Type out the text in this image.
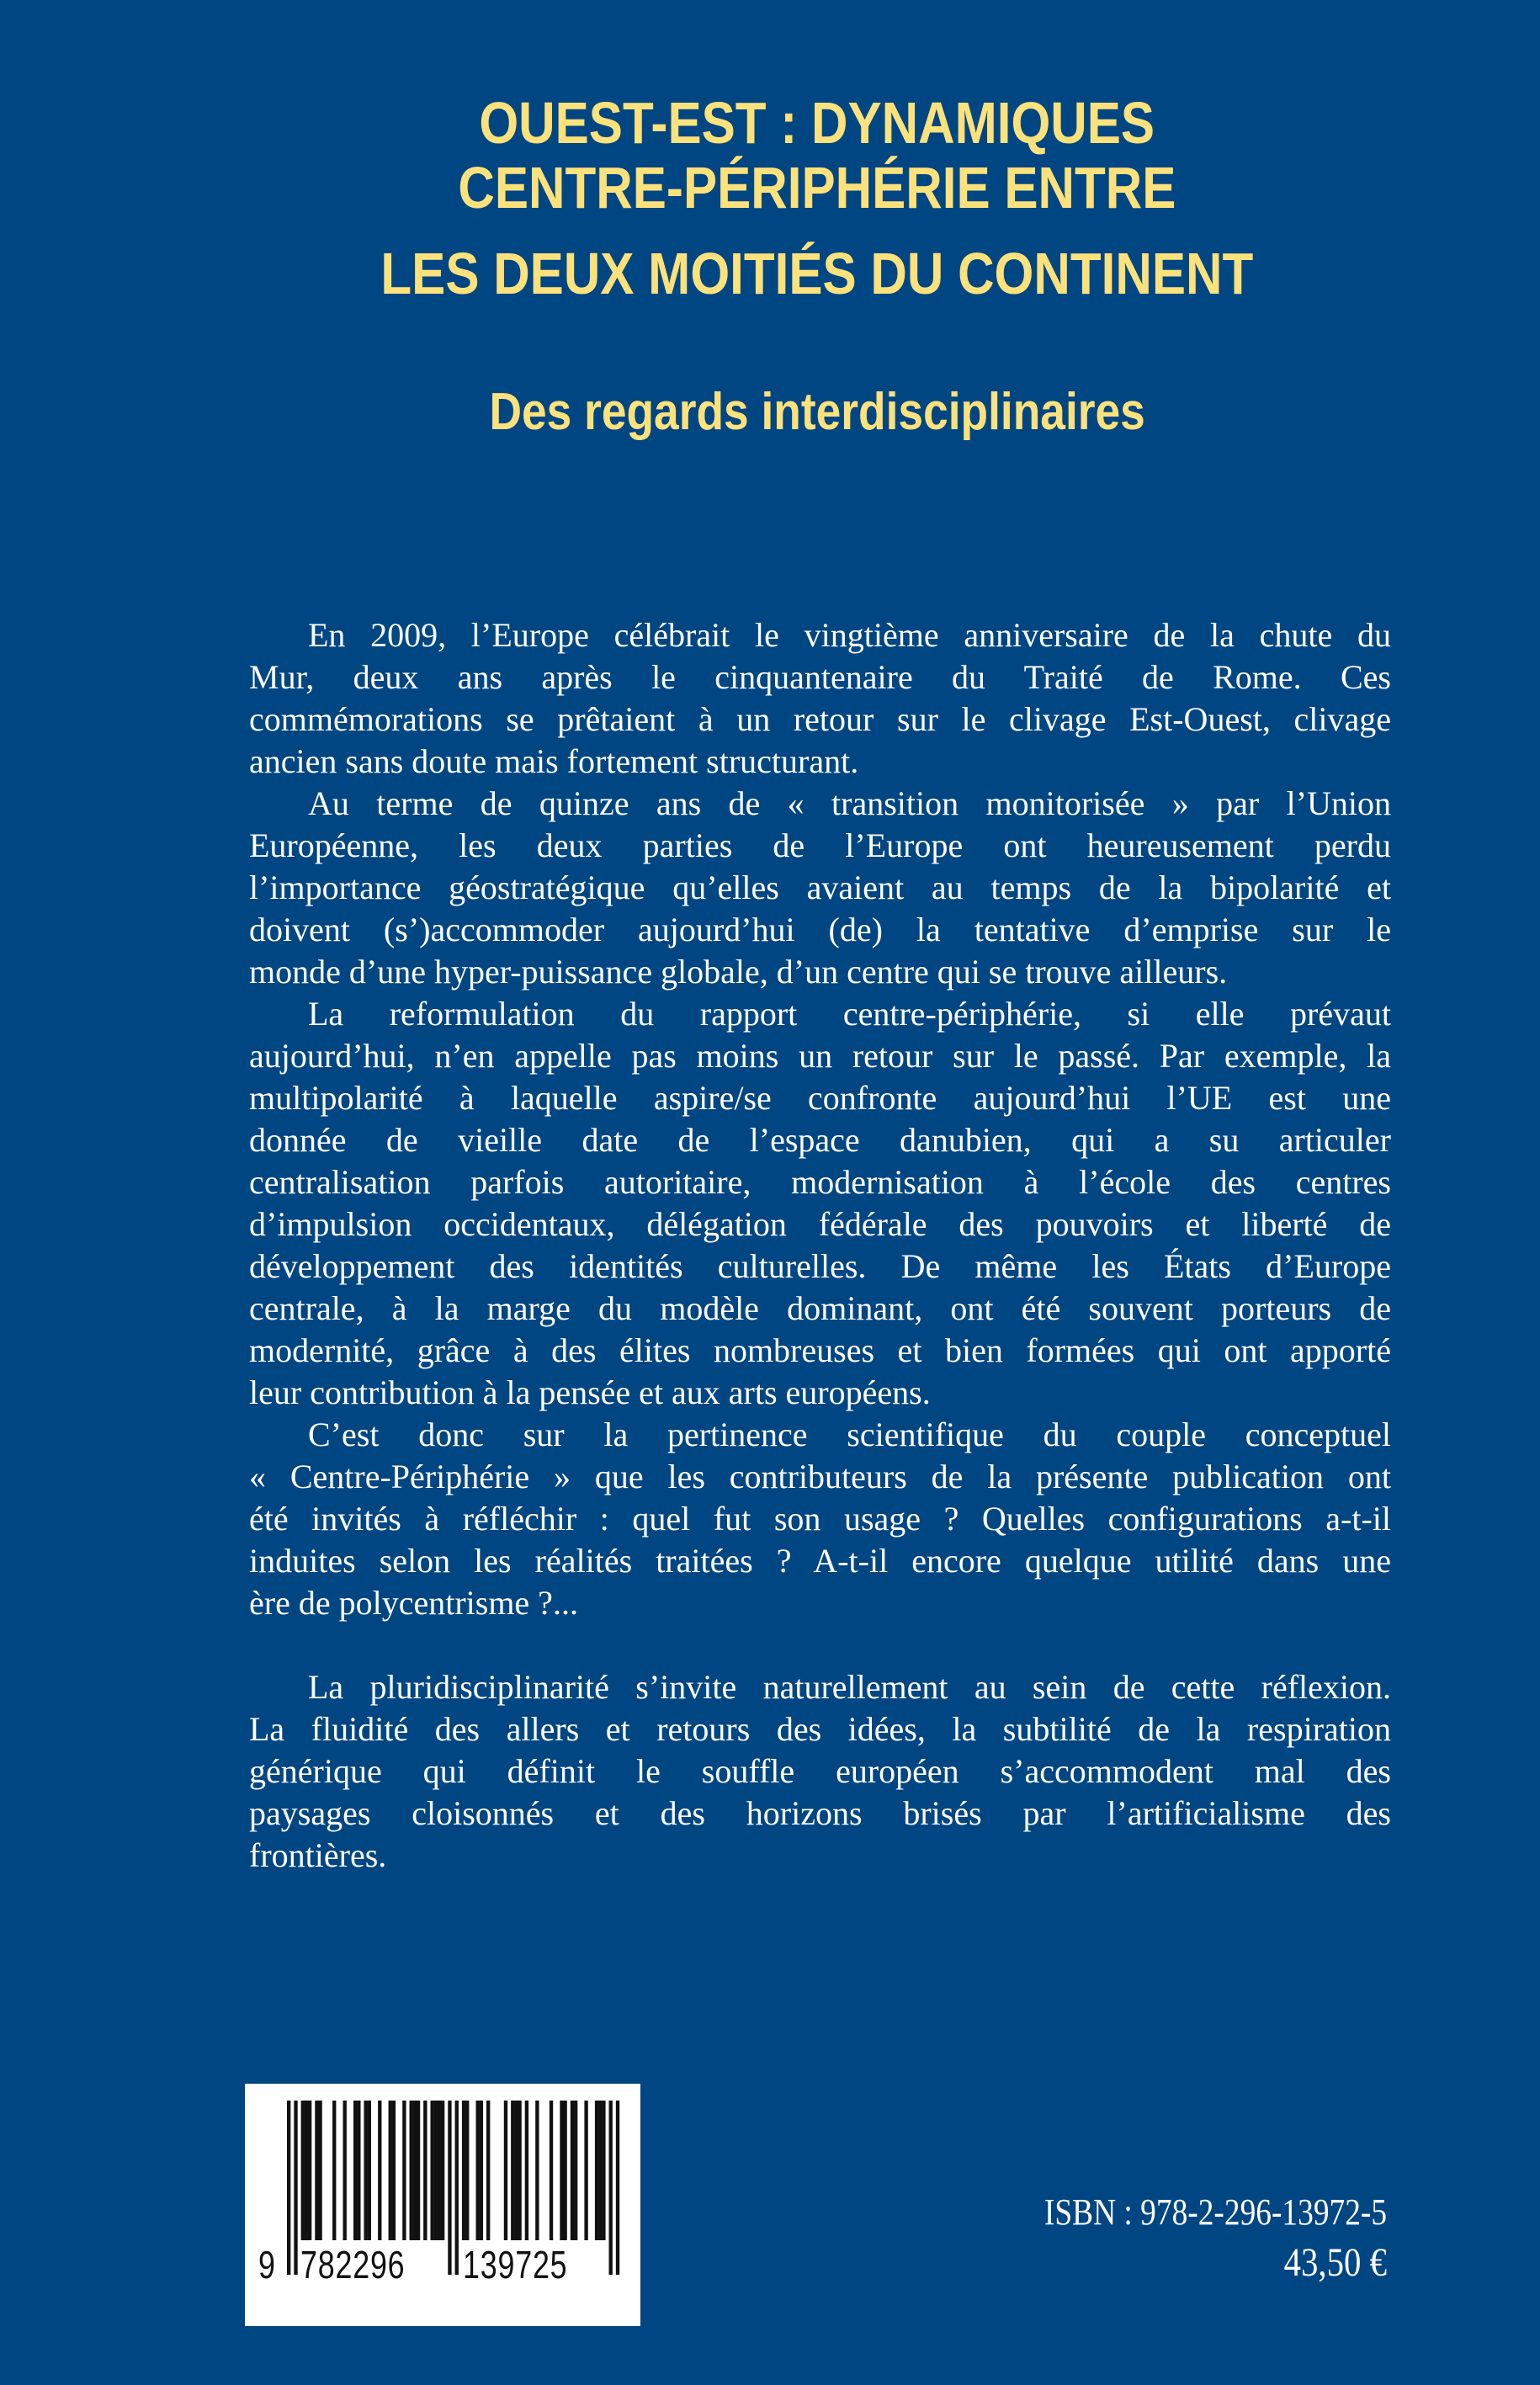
OUEST-EST : DYNAMIQUES
CENTRE-PÉRIPHÉRIE ENTRE
LES DEUX MOITIÉS DU CONTINENT
Des regards interdisciplinaires
En 2009, l’Europe célébrait le vingtième anniversaire de la chute du
Mur, deux ans après le cinquantenaire du Traité de Rome. Ces
commémorations se prêtaient à un retour sur le clivage Est-Ouest, clivage
ancien sans doute mais fortement structurant.
Au terme de quinze ans de « transition monitorisée » par l’Union
Européenne, les deux parties de l’Europe ont heureusement perdu
l’importance géostratégique qu’elles avaient au temps de la bipolarité et
doivent (s’)accommoder aujourd’hui (de) la tentative d’emprise sur le
monde d’une hyper-puissance globale, d’un centre qui se trouve ailleurs.
La reformulation du rapport centre-périphérie, si elle prévaut
aujourd’hui, n’en appelle pas moins un retour sur le passé. Par exemple, la
multipolarité à laquelle aspire/se confronte aujourd’hui l’UE est une
donnée de vieille date de l’espace danubien, qui a su articuler
centralisation parfois autoritaire, modernisation à l’école des centres
d’impulsion occidentaux, délégation fédérale des pouvoirs et liberté de
développement des identités culturelles. De même les États d’Europe
centrale, à la marge du modèle dominant, ont été souvent porteurs de
modernité, grâce à des élites nombreuses et bien formées qui ont apporté
leur contribution à la pensée et aux arts européens.
C’est donc sur la pertinence scientifique du couple conceptuel
« Centre-Périphérie » que les contributeurs de la présente publication ont
été invités à réfléchir : quel fut son usage ? Quelles configurations a-t-il
induites selon les réalités traitées ? A-t-il encore quelque utilité dans une
ère de polycentrisme ?...
La pluridisciplinarité s’invite naturellement au sein de cette réflexion.
La fluidité des allers et retours des idées, la subtilité de la respiration
générique qui définit le souffle européen s’accommodent mal des
paysages cloisonnés et des horizons brisés par l’artificialisme des
frontières.
9 782296 139725
ISBN : 978-2-296-13972-5
43,50 €
